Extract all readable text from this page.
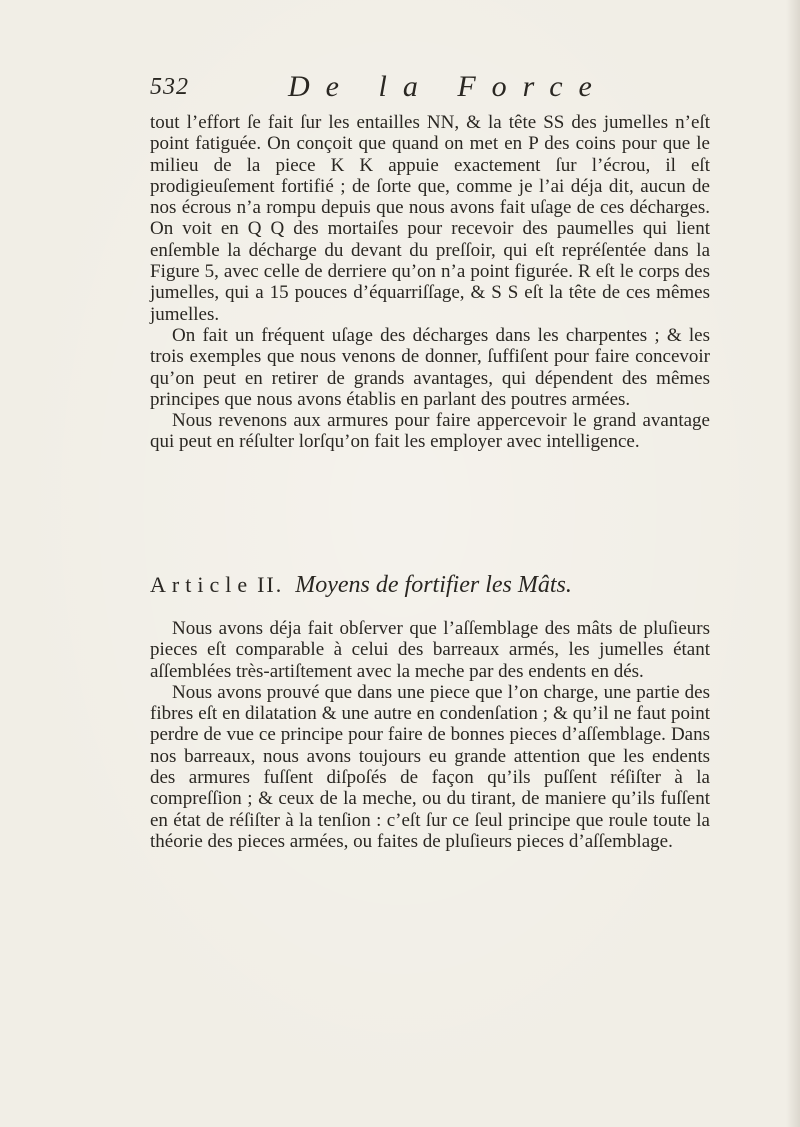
532	De la Force

tout l’effort ſe fait ſur les entailles NN, & la tête SS des jumelles n’eſt point fatiguée. On conçoit que quand on met en P des coins pour que le milieu de la piece K K appuie exactement ſur l’écrou, il eſt prodigieuſement fortifié ; de ſorte que, comme je l’ai déja dit, aucun de nos écrous n’a rompu depuis que nous avons fait uſage de ces décharges. On voit en Q Q des mortaiſes pour recevoir des paumelles qui lient enſemble la décharge du devant du preſſoir, qui eſt repréſentée dans la Figure 5, avec celle de derriere qu’on n’a point figurée. R eſt le corps des jumelles, qui a 15 pouces d’équarriſſage, & S S eſt la tête de ces mêmes jumelles.

On fait un fréquent uſage des décharges dans les charpentes ; & les trois exemples que nous venons de donner, ſuffiſent pour faire concevoir qu’on peut en retirer de grands avantages, qui dépendent des mêmes principes que nous avons établis en parlant des poutres armées.

Nous revenons aux armures pour faire appercevoir le grand avantage qui peut en réſulter lorſqu’on fait les employer avec intelligence.

Article II. Moyens de fortifier les Mâts.

Nous avons déja fait obſerver que l’aſſemblage des mâts de pluſieurs pieces eſt comparable à celui des barreaux armés, les jumelles étant aſſemblées très-artiſtement avec la meche par des endents en dés.

Nous avons prouvé que dans une piece que l’on charge, une partie des fibres eſt en dilatation & une autre en condenſation ; & qu’il ne faut point perdre de vue ce principe pour faire de bonnes pieces d’aſſemblage. Dans nos barreaux, nous avons toujours eu grande attention que les endents des armures fuſſent diſpoſés de façon qu’ils puſſent réſiſter à la compreſſion ; & ceux de la meche, ou du tirant, de maniere qu’ils fuſſent en état de réſiſter à la tenſion : c’eſt ſur ce ſeul principe que roule toute la théorie des pieces armées, ou faites de pluſieurs pieces d’aſſemblage.
